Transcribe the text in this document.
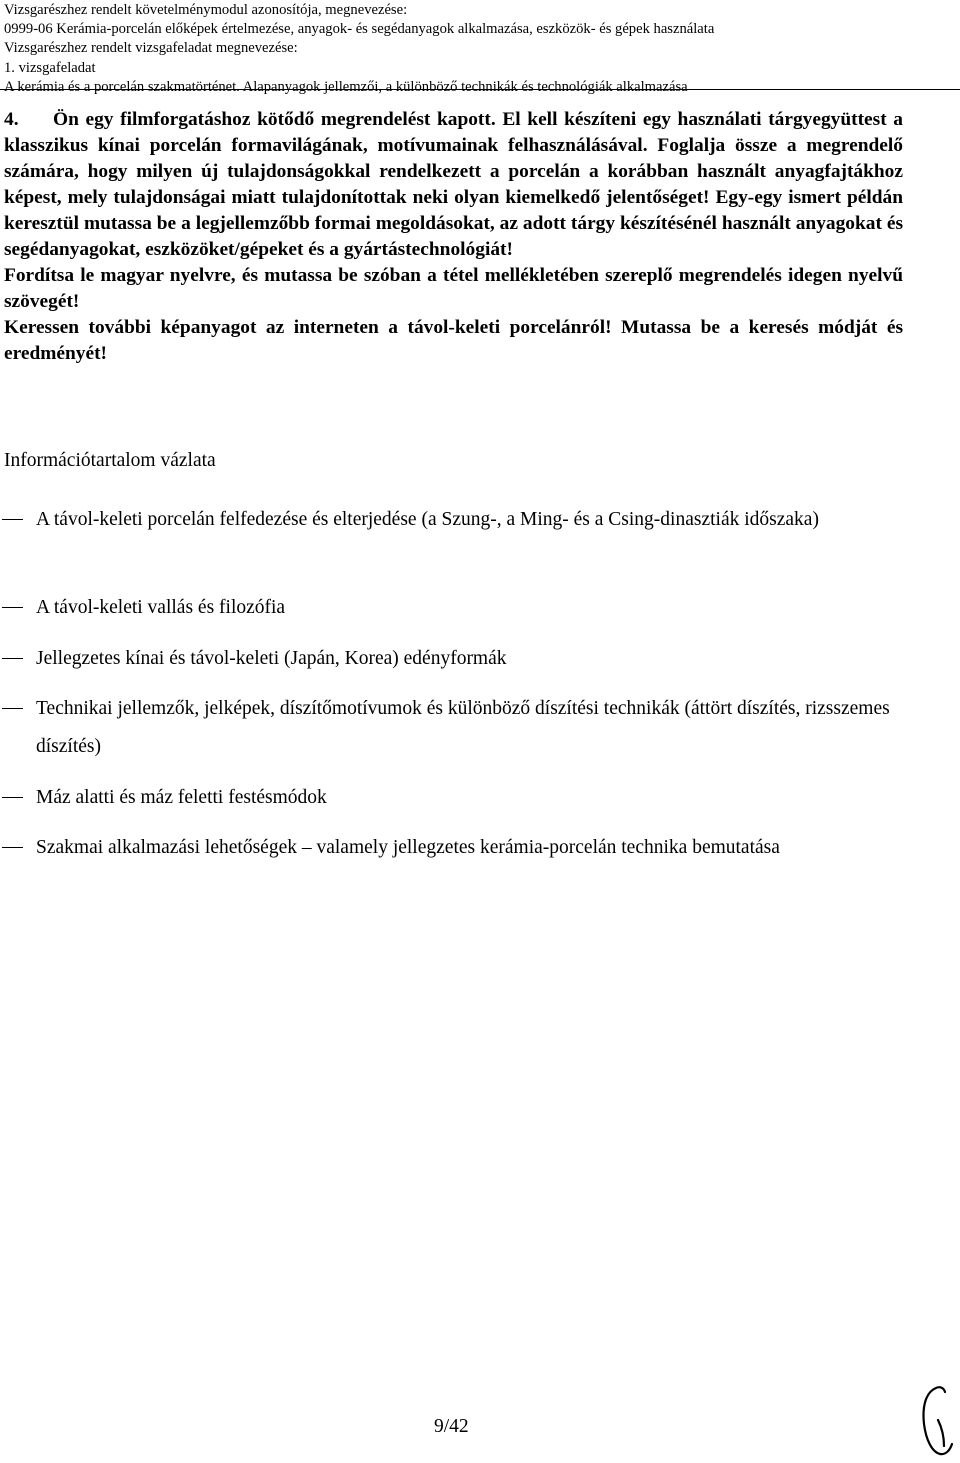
Vizsgarészhez rendelt követelménymodul azonosítója, megnevezése:
0999-06 Kerámia-porcelán előképek értelmezése, anyagok- és segédanyagok alkalmazása, eszközök- és gépek használata
Vizsgarészhez rendelt vizsgafeladat megnevezése:
1. vizsgafeladat
A kerámia és a porcelán szakmatörténet. Alapanyagok jellemzői, a különböző technikák és technológiák alkalmazása

4. Ön egy filmforgatáshoz kötődő megrendelést kapott. El kell készíteni egy használati tárgyegyüttest a klasszikus kínai porcelán formavilágának, motívumainak felhasználásával. Foglalja össze a megrendelő számára, hogy milyen új tulajdonságokkal rendelkezett a porcelán a korábban használt anyagfajtákhoz képest, mely tulajdonságai miatt tulajdonítottak neki olyan kiemelkedő jelentőséget! Egy-egy ismert példán keresztül mutassa be a legjellemzőbb formai megoldásokat, az adott tárgy készítésénél használt anyagokat és segédanyagokat, eszközöket/gépeket és a gyártástechnológiát!

Fordítsa le magyar nyelvre, és mutassa be szóban a tétel mellékletében szereplő megrendelés idegen nyelvű szövegét!

Keressen további képanyagot az interneten a távol-keleti porcelánról! Mutassa be a keresés módját és eredményét!

Információtartalom vázlata
A távol-keleti porcelán felfedezése és elterjedése (a Szung-, a Ming- és a Csing-dinasztiák időszaka)
A távol-keleti vallás és filozófia
Jellegzetes kínai és távol-keleti (Japán, Korea) edényformák
Technikai jellemzők, jelképek, díszítőmotívumok és különböző díszítési technikák (áttört díszítés, rizsszemes díszítés)
Máz alatti és máz feletti festésmódok
Szakmai alkalmazási lehetőségek – valamely jellegzetes kerámia-porcelán technika bemutatása
9/42
